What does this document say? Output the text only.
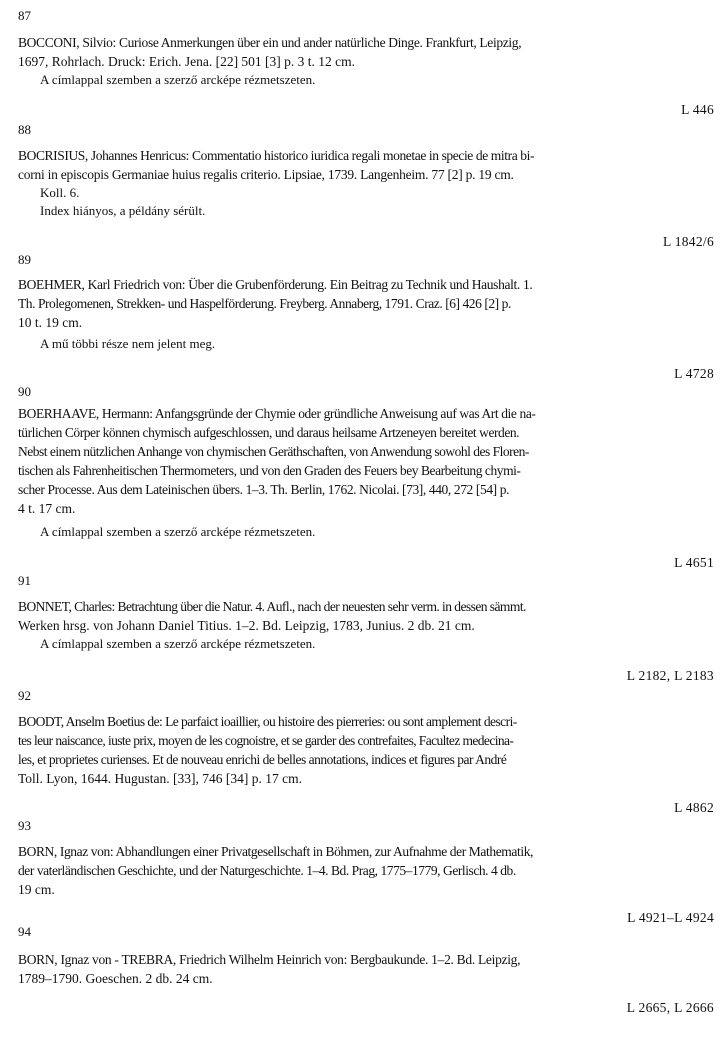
87
BOCCONI, Silvio: Curiose Anmerkungen über ein und ander natürliche Dinge. Frankfurt, Leipzig,
1697, Rohrlach. Druck: Erich. Jena. [22] 501 [3] p. 3 t. 12 cm.
A címlappal szemben a szerző arcképe rézmetszeten.
L 446
88
BOCRISIUS, Johannes Henricus: Commentatio historico iuridica regali monetae in specie de mitra bi-
corni in episcopis Germaniae huius regalis criterio. Lipsiae, 1739. Langenheim. 77 [2] p. 19 cm.
Koll. 6.
Index hiányos, a példány sérült.
L 1842/6
89
BOEHMER, Karl Friedrich von: Über die Grubenförderung. Ein Beitrag zu Technik und Haushalt. 1.
Th. Prolegomenen, Strekken- und Haspelförderung. Freyberg. Annaberg, 1791. Craz. [6] 426 [2] p.
10 t. 19 cm.
A mű többi része nem jelent meg.
L 4728
90
BOERHAAVE, Hermann: Anfangsgründe der Chymie oder gründliche Anweisung auf was Art die na-
türlichen Cörper können chymisch aufgeschlossen, und daraus heilsame Artzeneyen bereitet werden.
Nebst einem nützlichen Anhange von chymischen Geräthschaften, von Anwendung sowohl des Floren-
tischen als Fahrenheitischen Thermometers, und von den Graden des Feuers bey Bearbeitung chymi-
scher Processe. Aus dem Lateinischen übers. 1–3. Th. Berlin, 1762. Nicolai. [73], 440, 272 [54] p.
4 t. 17 cm.
A címlappal szemben a szerző arcképe rézmetszeten.
L 4651
91
BONNET, Charles: Betrachtung über die Natur. 4. Aufl., nach der neuesten sehr verm. in dessen sämmt.
Werken hrsg. von Johann Daniel Titius. 1–2. Bd. Leipzig, 1783, Junius. 2 db. 21 cm.
A címlappal szemben a szerző arcképe rézmetszeten.
L 2182, L 2183
92
BOODT, Anselm Boetius de: Le parfaict ioaillier, ou histoire des pierreries: ou sont amplement descri-
tes leur naiscance, iuste prix, moyen de les cognoistre, et se garder des contrefaites, Facultez medecina-
les, et proprietes curienses. Et de nouveau enrichi de belles annotations, indices et figures par André
Toll. Lyon, 1644. Hugustan. [33], 746 [34] p. 17 cm.
L 4862
93
BORN, Ignaz von: Abhandlungen einer Privatgesellschaft in Böhmen, zur Aufnahme der Mathematik,
der vaterländischen Geschichte, und der Naturgeschichte. 1–4. Bd. Prag, 1775–1779, Gerlisch. 4 db.
19 cm.
L 4921–L 4924
94
BORN, Ignaz von - TREBRA, Friedrich Wilhelm Heinrich von: Bergbaukunde. 1–2. Bd. Leipzig,
1789–1790. Goeschen. 2 db. 24 cm.
L 2665, L 2666
